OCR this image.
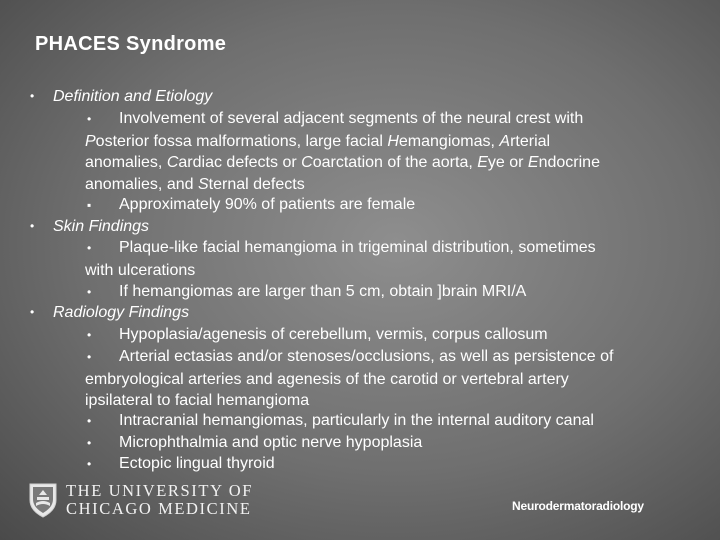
PHACES Syndrome
• Definition and Etiology
• Involvement of several adjacent segments of the neural crest with
Posterior fossa malformations, large facial Hemangiomas, Arterial
anomalies, Cardiac defects or Coarctation of the aorta, Eye or Endocrine
anomalies, and Sternal defects
▪ Approximately 90% of patients are female
• Skin Findings
• Plaque-like facial hemangioma in trigeminal distribution, sometimes
with ulcerations
• If hemangiomas are larger than 5 cm, obtain ]brain MRI/A
• Radiology Findings
• Hypoplasia/agenesis of cerebellum, vermis, corpus callosum
• Arterial ectasias and/or stenoses/occlusions, as well as persistence of
embryological arteries and agenesis of the carotid or vertebral artery
ipsilateral to facial hemangioma
• Intracranial hemangiomas, particularly in the internal auditory canal
• Microphthalmia and optic nerve hypoplasia
• Ectopic lingual thyroid
THE UNIVERSITY OF
CHICAGO MEDICINE	Neurodermatoradiology
